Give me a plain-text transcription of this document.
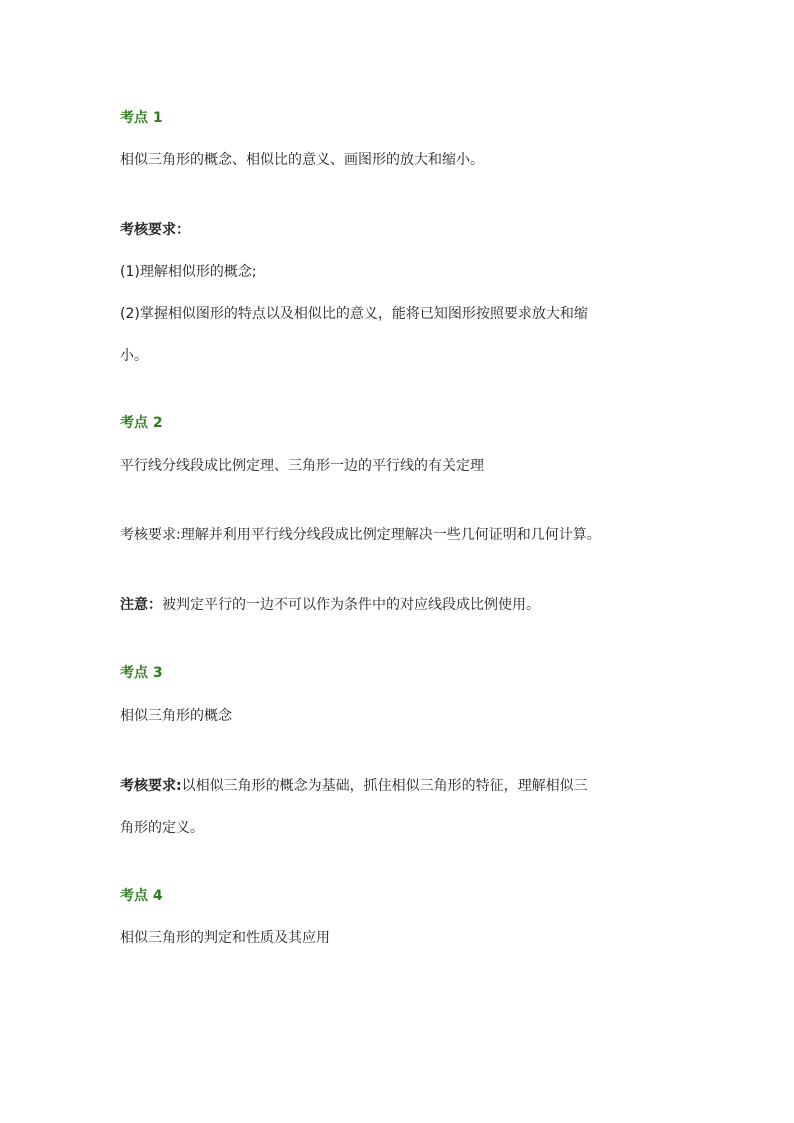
考点 1

相似三角形的概念、相似比的意义、画图形的放大和缩小。

考核要求：

(1)理解相似形的概念;

(2)掌握相似图形的特点以及相似比的意义，能将已知图形按照要求放大和缩

小。

考点 2

平行线分线段成比例定理、三角形一边的平行线的有关定理

考核要求:理解并利用平行线分线段成比例定理解决一些几何证明和几何计算。

注意：被判定平行的一边不可以作为条件中的对应线段成比例使用。

考点 3

相似三角形的概念

考核要求:以相似三角形的概念为基础，抓住相似三角形的特征，理解相似三

角形的定义。

考点 4

相似三角形的判定和性质及其应用
